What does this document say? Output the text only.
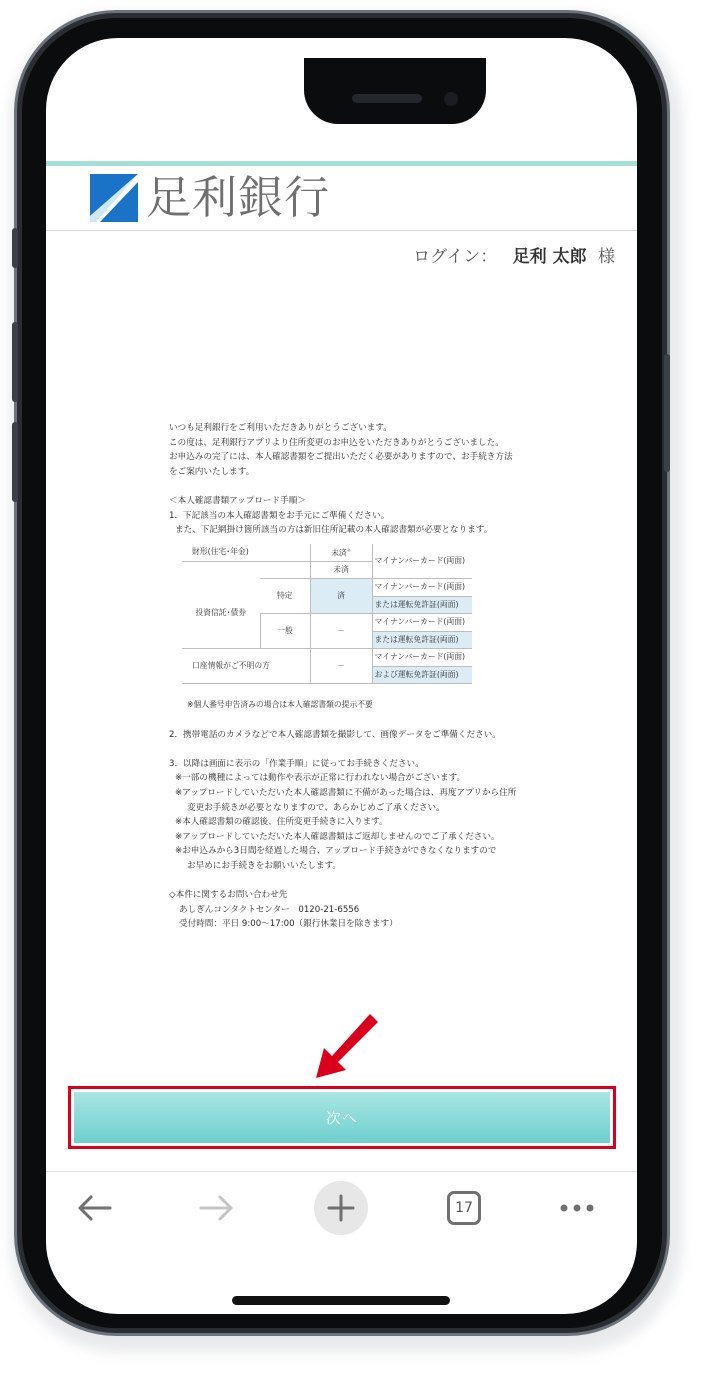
足利銀行
ログイン： 足利 太郎 様

いつも足利銀行をご利用いただきありがとうございます。

この度は、足利銀行アプリより住所変更のお申込をいただきありがとうございました。

お申込みの完了には、本人確認書類をご提出いただく必要がありますので、お手続き方法

をご案内いたします。

＜本人確認書類アップロード手順＞

1．下記該当の本人確認書類をお手元にご準備ください。

また、下記網掛け箇所該当の方は新旧住所記載の本人確認書類が必要となります。

財形(住宅･年金)		未済※	マイナンバーカード(両面)
		未済	
投資信託･債券	特定	済	マイナンバーカード(両面)
			または運転免許証(両面)
	一般	－	マイナンバーカード(両面)
			または運転免許証(両面)
口座情報がご不明の方		－	マイナンバーカード(両面)
			および運転免許証(両面)

※個人番号申告済みの場合は本人確認書類の提示不要

2．携帯電話のカメラなどで本人確認書類を撮影して、画像データをご準備ください。

3．以降は画面に表示の「作業手順」に従ってお手続きください。

※一部の機種によっては動作や表示が正常に行われない場合がございます。

※アップロードしていただいた本人確認書類に不備があった場合は、再度アプリから住所

変更お手続きが必要となりますので、あらかじめご了承ください。

※本人確認書類の確認後、住所変更手続きに入ります。

※アップロードしていただいた本人確認書類はご返却しませんのでご了承ください。

※お申込みから3日間を経過した場合、アップロード手続きができなくなりますので

お早めにお手続きをお願いいたします。

◇本件に関するお問い合わせ先

あしぎんコンタクトセンター　0120-21-6556

受付時間：平日 9:00～17:00（銀行休業日を除きます）

次へ
17
